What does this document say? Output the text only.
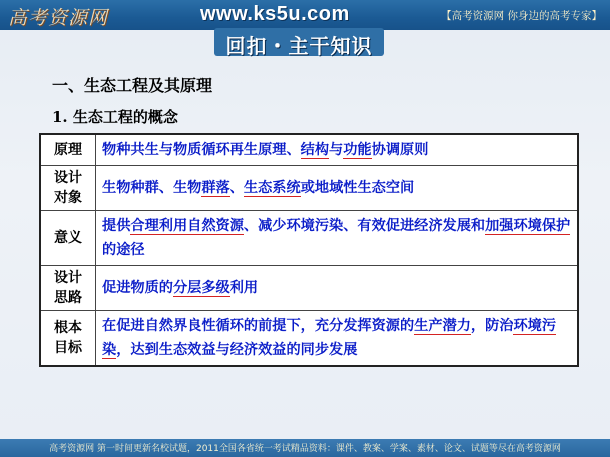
高考资源网	www.ks5u.com	【高考资源网 你身边的高考专家】
回扣・主干知识
一、生态工程及其原理
1. 生态工程的概念
原理	物种共生与物质循环再生原理、结构与功能协调原则
设计
对象	生物种群、生物群落、生态系统或地域性生态空间
意义	提供合理利用自然资源、减少环境污染、有效促进经济发展和加强环境保护的途径
设计
思路	促进物质的分层多级利用
根本
目标	在促进自然界良性循环的前提下，充分发挥资源的生产潜力，防治环境污染，达到生态效益与经济效益的同步发展
高考资源网 第一时间更新名校试题，2011全国各省统一考试精品资料：课件、教案、学案、素材、论文、试题等尽在高考资源网
